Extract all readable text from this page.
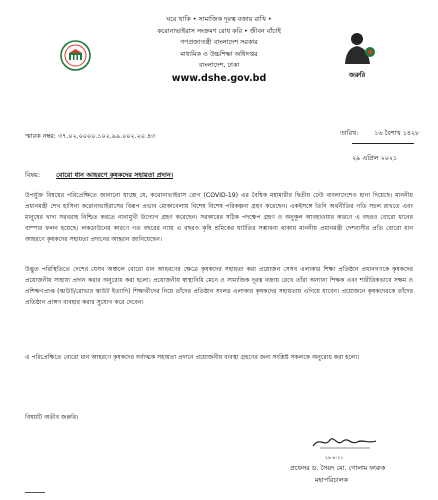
ঘরে থাকি • সামাজিক দূরত্ব বজায় রাখি •
করোনাভাইরাস সংক্রমণ রোধ করি • জীবন বাঁচাই
গণপ্রজাতন্ত্রী বাংলাদেশ সরকার
মাধ্যমিক ও উচ্চশিক্ষা অধিদপ্তর
বাংলাদেশ, ঢাকা
www.dshe.gov.bd	জরুরি
স্মারক নম্বর: ৩৭.০২.০০০০.১০২.৯৯.০০২.২০.৪৩	তারিখ:	১৬ বৈশাখ ১৪২৮
২৯ এপ্রিল ২০২১
বিষয়: বোরো ধান আহরণে কৃষকদের সহায়তা প্রদান।
উপর্যুক্ত বিষয়ের পরিপ্রেক্ষিতে জানানো যাচ্ছে যে, করোনাভাইরাস রোগ (COVID-19) এর বৈশ্বিক মহামারীর দ্বিতীয় ঢেউ বাংলাদেশেও হানা দিয়েছে। মাননীয় প্রধানমন্ত্রী শেখ হাসিনা করোনাভাইরাসের বিরূপ প্রভাব মোকাবেলায় বিশেষ বিশেষ পরিকল্পনা গ্রহণ করেছেন। একইসঙ্গে তিনি অর্থনীতির গতি সচল রাখতে এবং মানুষের খাদ্য সরবরাহ নিশ্চিত করতে নানামুখী উদ্যোগ গ্রহণ করেছেন। সরকারের সঠিক পদক্ষেপ গ্রহণ ও অনুকূল আবহাওয়ার কারণে এ বছরও বোরো ধানের বাম্পার ফলন হয়েছে। লকডাউনের কারণে গত বছরের ন্যায় এ বছরও কৃষি শ্রমিকের ঘাটতির সম্ভাবনা থাকায় মাননীয় প্রধানমন্ত্রী দেশবাসীর প্রতি বোরো ধান আহরণে কৃষকদের সহায়তা প্রদানের আহ্বান জানিয়েছেন।
উদ্ভূত পরিস্থিতিতে দেশের যেসব অঞ্চলে বোরো ধান আহরণের ক্ষেত্রে কৃষকদের সহায়তা করা প্রয়োজন সেসব এলাকার শিক্ষা প্রতিষ্ঠান প্রধানগণকে কৃষকদের প্রয়োজনীয় সাহায্য প্রদান করার অনুরোধ করা হলো। প্রয়োজনীয় স্বাস্থ্যবিধি মেনে ও সামাজিক দূরত্ব বজায় রেখে তাঁরা অন্যান্য শিক্ষক এবং শারীরিকভাবে সক্ষম ও প্রশিক্ষণপ্রাপ্ত (স্কাউট/রোভার স্কাউট ইত্যাদি) শিক্ষার্থীদের নিয়ে তাঁদের প্রতিষ্ঠান সংলগ্ন এলাকার কৃষকদের সহায়তায় এগিয়ে যাবেন। প্রয়োজনে কৃষকদেরকে তাঁদের প্রতিষ্ঠান প্রাঙ্গণ ব্যবহার করার সুযোগ করে দেবেন।
এ পরিপ্রেক্ষিতে বোরো ধান আহরণে কৃষকদের সর্বাত্মক সহায়তা প্রদানে প্রয়োজনীয় ব্যবস্থা গ্রহণের জন্য সংশ্লিষ্ট সকলকে অনুরোধ করা হলো।
বিষয়টি অতীব জরুরি।
২৯-৪-২১
প্রফেসর ড. সৈয়দ মো. গোলাম ফারুক
মহাপরিচালক
